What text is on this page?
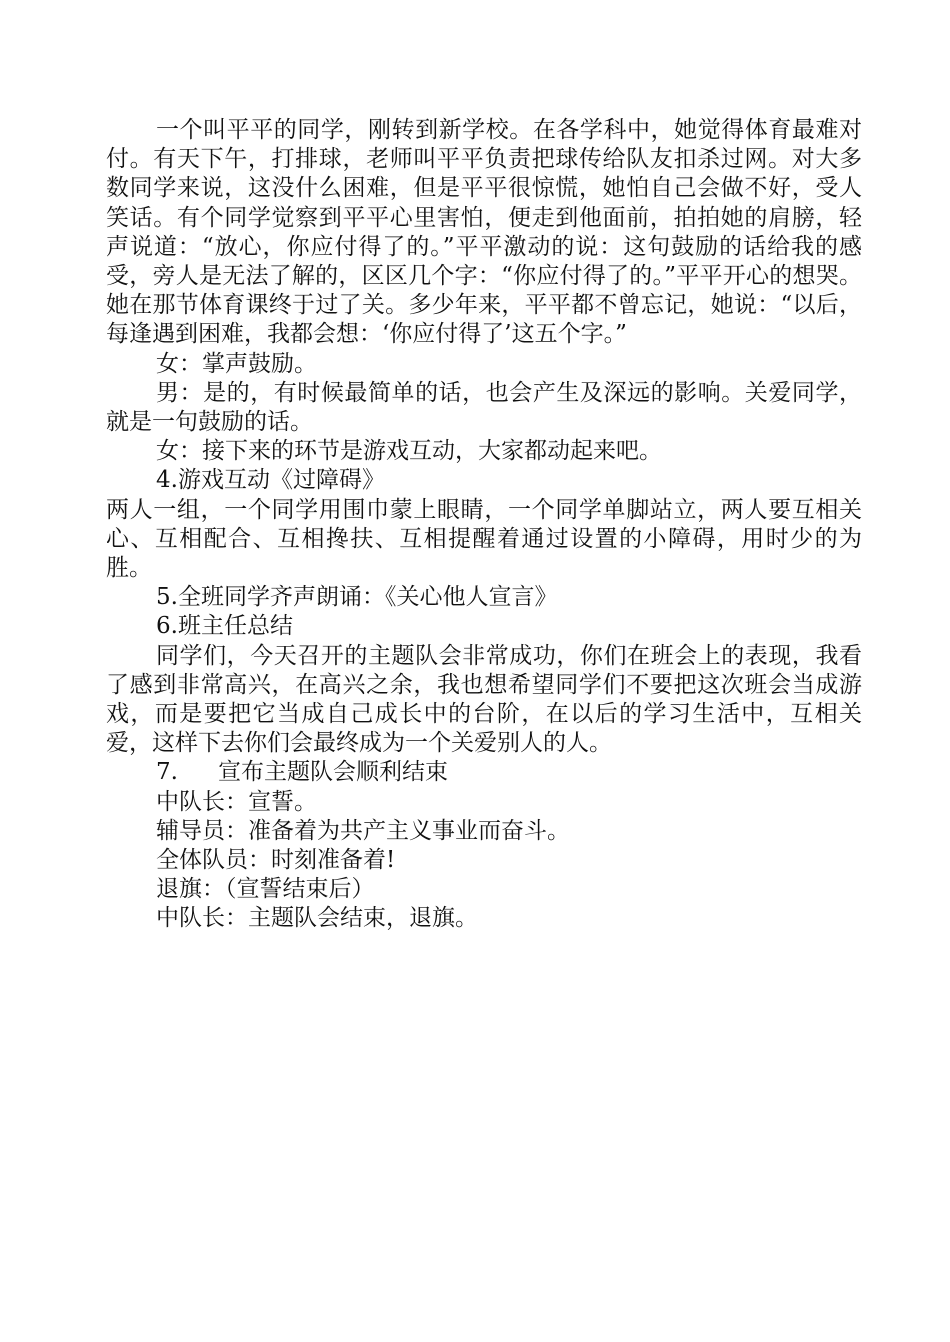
一个叫平平的同学，刚转到新学校。在各学科中，她觉得体育最难对付。有天下午，打排球，老师叫平平负责把球传给队友扣杀过网。对大多数同学来说，这没什么困难，但是平平很惊慌，她怕自己会做不好，受人笑话。有个同学觉察到平平心里害怕，便走到他面前，拍拍她的肩膀，轻声说道：“放心，你应付得了的。”平平激动的说：这句鼓励的话给我的感受，旁人是无法了解的，区区几个字：“你应付得了的。”平平开心的想哭。她在那节体育课终于过了关。多少年来，平平都不曾忘记，她说：“以后，每逢遇到困难，我都会想：‘你应付得了’这五个字。”

女：掌声鼓励。

男：是的，有时候最简单的话，也会产生及深远的影响。关爱同学，就是一句鼓励的话。

女：接下来的环节是游戏互动，大家都动起来吧。

4.游戏互动《过障碍》

两人一组，一个同学用围巾蒙上眼睛，一个同学单脚站立，两人要互相关心、互相配合、互相搀扶、互相提醒着通过设置的小障碍，用时少的为胜。

5.全班同学齐声朗诵：《关心他人宣言》

6.班主任总结

同学们，今天召开的主题队会非常成功，你们在班会上的表现，我看了感到非常高兴，在高兴之余，我也想希望同学们不要把这次班会当成游戏，而是要把它当成自己成长中的台阶，在以后的学习生活中，互相关爱，这样下去你们会最终成为一个关爱别人的人。

7. 宣布主题队会顺利结束

中队长：宣誓。

辅导员：准备着为共产主义事业而奋斗。

全体队员：时刻准备着!

退旗：（宣誓结束后）

中队长：主题队会结束，退旗。
